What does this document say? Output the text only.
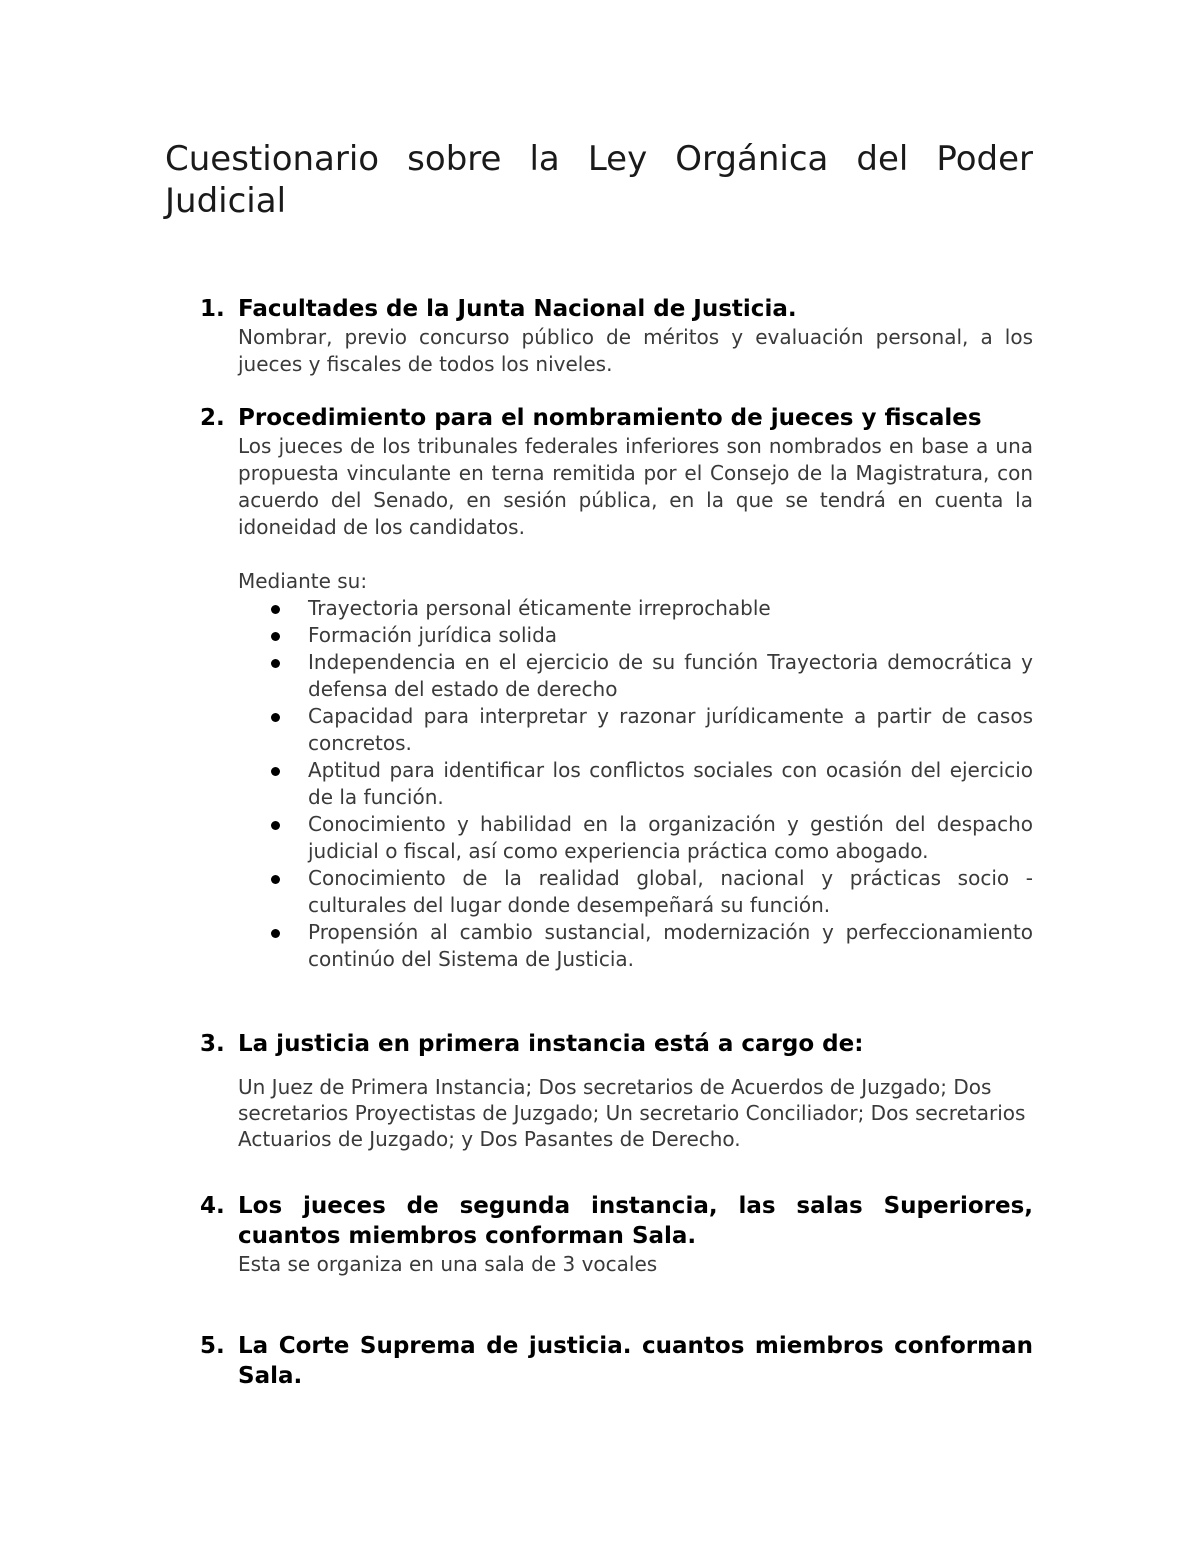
Cuestionario sobre la Ley Orgánica del Poder Judicial
1. Facultades de la Junta Nacional de Justicia.
Nombrar, previo concurso público de méritos y evaluación personal, a los jueces y fiscales de todos los niveles.
2. Procedimiento para el nombramiento de jueces y fiscales
Los jueces de los tribunales federales inferiores son nombrados en base a una propuesta vinculante en terna remitida por el Consejo de la Magistratura, con acuerdo del Senado, en sesión pública, en la que se tendrá en cuenta la idoneidad de los candidatos.
Mediante su:
Trayectoria personal éticamente irreprochable
Formación jurídica solida
Independencia en el ejercicio de su función Trayectoria democrática y defensa del estado de derecho
Capacidad para interpretar y razonar jurídicamente a partir de casos concretos.
Aptitud para identificar los conflictos sociales con ocasión del ejercicio de la función.
Conocimiento y habilidad en la organización y gestión del despacho judicial o fiscal, así como experiencia práctica como abogado.
Conocimiento de la realidad global, nacional y prácticas socio - culturales del lugar donde desempeñará su función.
Propensión al cambio sustancial, modernización y perfeccionamiento continúo del Sistema de Justicia.
3. La justicia en primera instancia está a cargo de:
Un Juez de Primera Instancia; Dos secretarios de Acuerdos de Juzgado; Dos secretarios Proyectistas de Juzgado; Un secretario Conciliador; Dos secretarios Actuarios de Juzgado; y Dos Pasantes de Derecho.
4. Los jueces de segunda instancia, las salas Superiores, cuantos miembros conforman Sala.
Esta se organiza en una sala de 3 vocales
5. La Corte Suprema de justicia. cuantos miembros conforman Sala.
